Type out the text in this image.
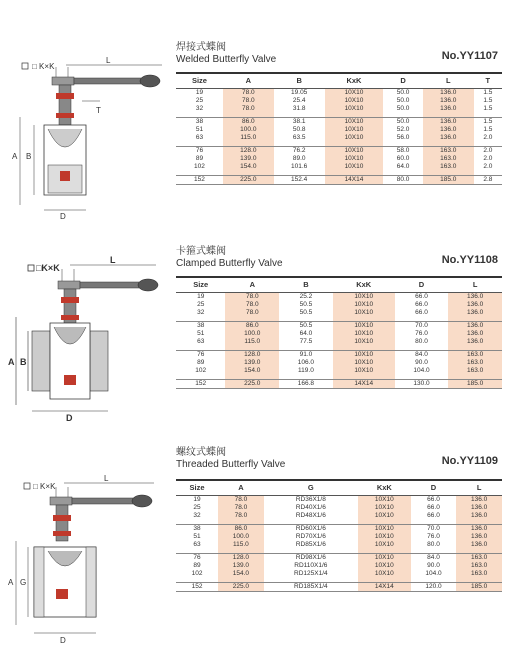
□ K×K
L
T
A B
D
焊接式蝶阀
Welded Butterfly Valve	No.YY1107
Size	A	B	KxK	D	L	T
19	78.0	19.05	10X10	50.0	136.0	1.5
25	78.0	25.4	10X10	50.0	136.0	1.5
32	78.0	31.8	10X10	50.0	136.0	1.5

38	86.0	38.1	10X10	50.0	136.0	1.5
51	100.0	50.8	10X10	52.0	136.0	1.5
63	115.0	63.5	10X10	56.0	136.0	2.0

76	128.0	76.2	10X10	58.0	163.0	2.0
89	139.0	89.0	10X10	60.0	163.0	2.0
102	154.0	101.6	10X10	64.0	163.0	2.0

152	225.0	152.4	14X14	80.0	185.0	2.8
□K×K
L
A B
D
卡箍式蝶阀
Clamped Butterfly Valve	No.YY1108
Size	A	B	KxK	D	L
19	78.0	25.2	10X10	66.0	136.0
25	78.0	50.5	10X10	66.0	136.0
32	78.0	50.5	10X10	66.0	136.0

38	86.0	50.5	10X10	70.0	136.0
51	100.0	64.0	10X10	76.0	136.0
63	115.0	77.5	10X10	80.0	136.0

76	128.0	91.0	10X10	84.0	163.0
89	139.0	106.0	10X10	90.0	163.0
102	154.0	119.0	10X10	104.0	163.0

152	225.0	166.8	14X14	130.0	185.0
□ K×K
L
A G
D
螺纹式蝶阀
Threaded Butterfly Valve	No.YY1109
Size	A	G	KxK	D	L
19	78.0	RD36X1/8	10X10	66.0	136.0
25	78.0	RD40X1/6	10X10	66.0	136.0
32	78.0	RD48X1/6	10X10	66.0	136.0

38	86.0	RD60X1/6	10X10	70.0	136.0
51	100.0	RD70X1/6	10X10	76.0	136.0
63	115.0	RD85X1/6	10X10	80.0	136.0

76	128.0	RD98X1/6	10X10	84.0	163.0
89	139.0	RD110X1/6	10X10	90.0	163.0
102	154.0	RD125X1/4	10X10	104.0	163.0

152	225.0	RD185X1/4	14X14	120.0	185.0
